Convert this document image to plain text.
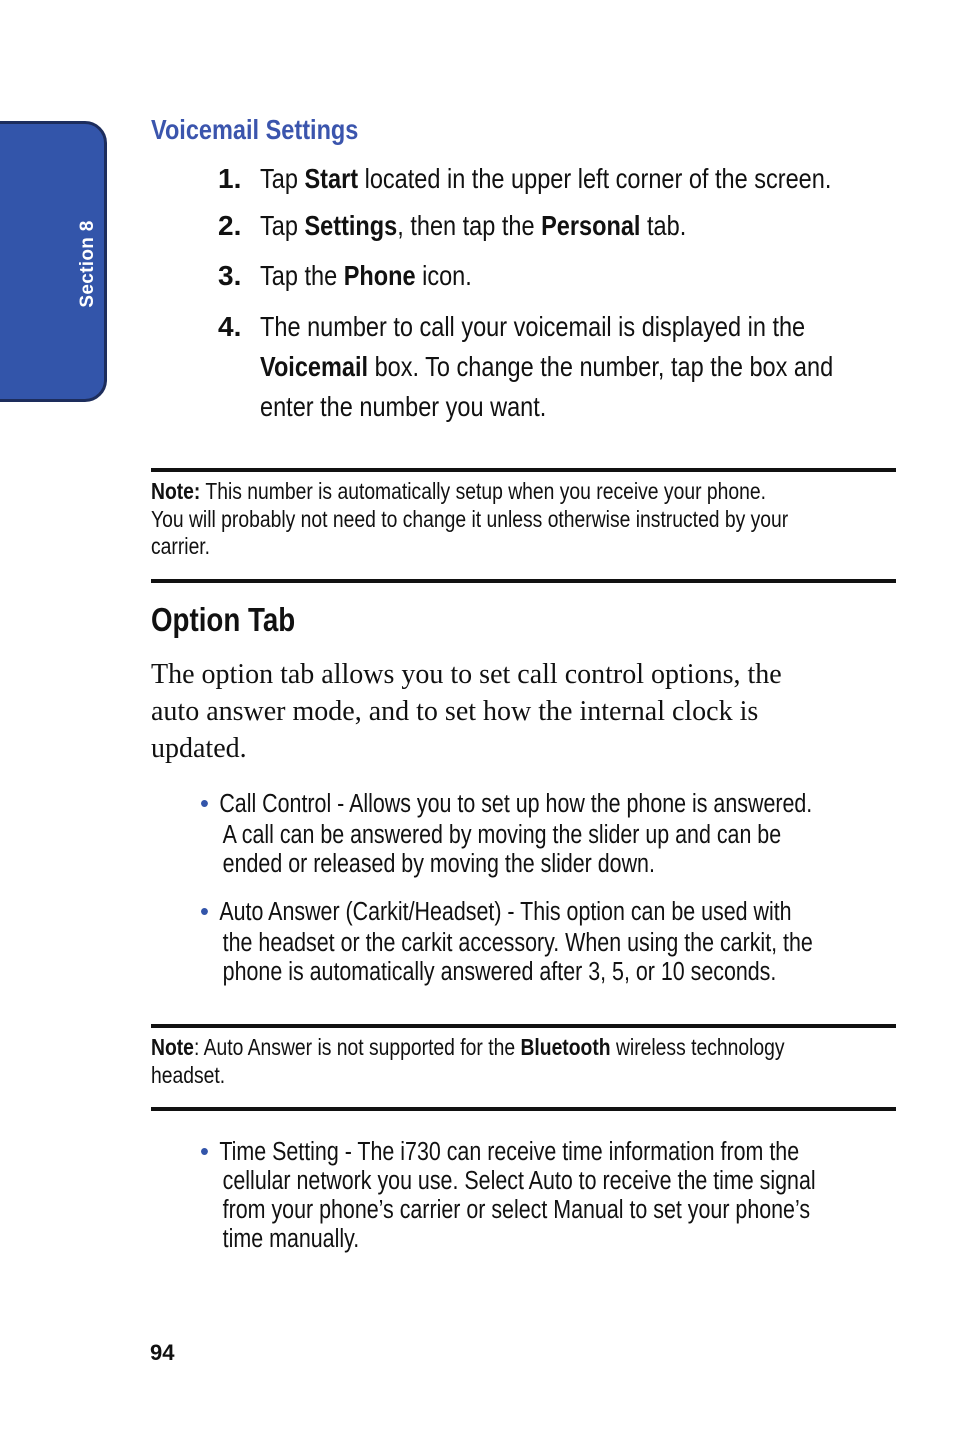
Section 8
Voicemail Settings
1. Tap Start located in the upper left corner of the screen.
2. Tap Settings, then tap the Personal tab.
3. Tap the Phone icon.
4. The number to call your voicemail is displayed in the
Voicemail box. To change the number, tap the box and
enter the number you want.
Note: This number is automatically setup when you receive your phone.
You will probably not need to change it unless otherwise instructed by your
carrier.
Option Tab
The option tab allows you to set call control options, the
auto answer mode, and to set how the internal clock is
updated.
• Call Control - Allows you to set up how the phone is answered.
A call can be answered by moving the slider up and can be
ended or released by moving the slider down.
• Auto Answer (Carkit/Headset) - This option can be used with
the headset or the carkit accessory. When using the carkit, the
phone is automatically answered after 3, 5, or 10 seconds.
Note: Auto Answer is not supported for the Bluetooth wireless technology
headset.
• Time Setting - The i730 can receive time information from the
cellular network you use. Select Auto to receive the time signal
from your phone’s carrier or select Manual to set your phone’s
time manually.
94
